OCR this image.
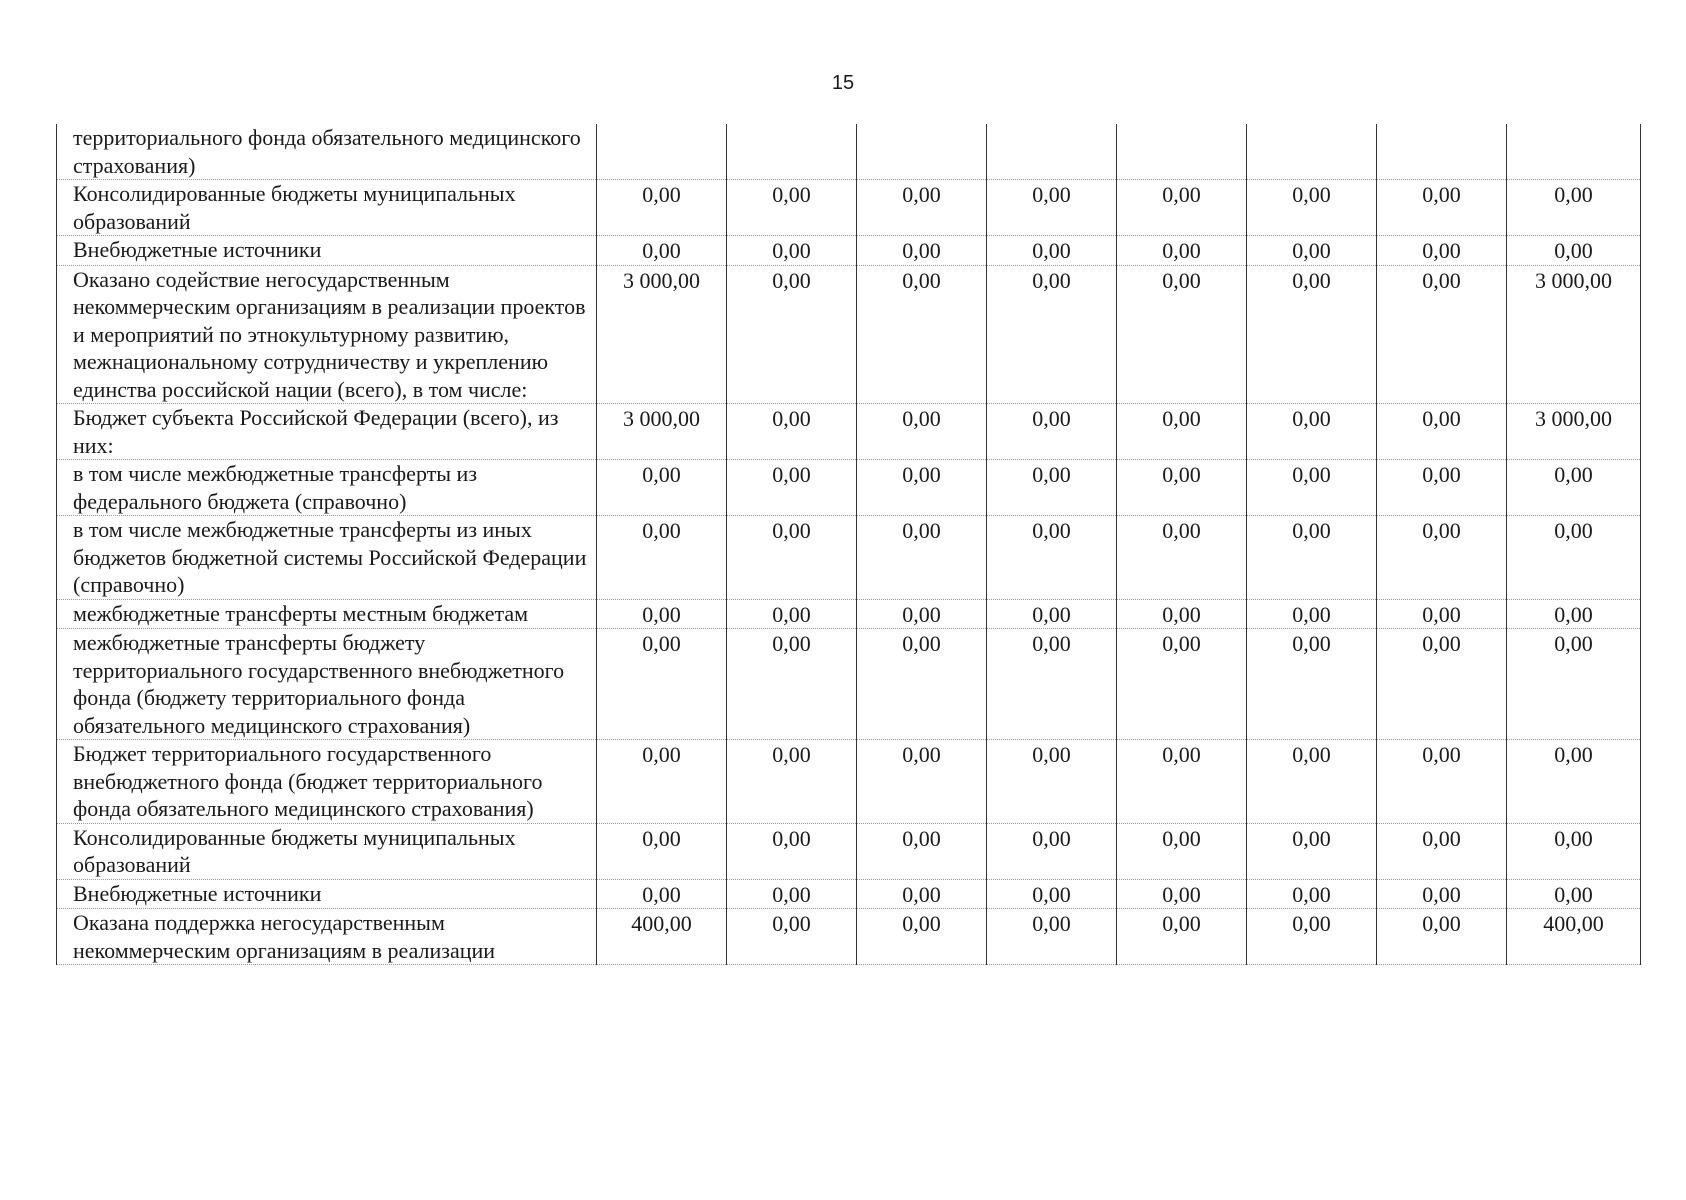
15
территориального фонда обязательного медицинского страхования)								
Консолидированные бюджеты муниципальных образований	0,00	0,00	0,00	0,00	0,00	0,00	0,00	0,00
Внебюджетные источники	0,00	0,00	0,00	0,00	0,00	0,00	0,00	0,00
Оказано содействие негосударственным некоммерческим организациям в реализации проектов и мероприятий по этнокультурному развитию, межнациональному сотрудничеству и укреплению единства российской нации (всего), в том числе:	3 000,00	0,00	0,00	0,00	0,00	0,00	0,00	3 000,00
Бюджет субъекта Российской Федерации (всего), из них:	3 000,00	0,00	0,00	0,00	0,00	0,00	0,00	3 000,00
в том числе межбюджетные трансферты из федерального бюджета (справочно)	0,00	0,00	0,00	0,00	0,00	0,00	0,00	0,00
в том числе межбюджетные трансферты из иных бюджетов бюджетной системы Российской Федерации (справочно)	0,00	0,00	0,00	0,00	0,00	0,00	0,00	0,00
межбюджетные трансферты местным бюджетам	0,00	0,00	0,00	0,00	0,00	0,00	0,00	0,00
межбюджетные трансферты бюджету территориального государственного внебюджетного фонда (бюджету территориального фонда обязательного медицинского страхования)	0,00	0,00	0,00	0,00	0,00	0,00	0,00	0,00
Бюджет территориального государственного внебюджетного фонда (бюджет территориального фонда обязательного медицинского страхования)	0,00	0,00	0,00	0,00	0,00	0,00	0,00	0,00
Консолидированные бюджеты муниципальных образований	0,00	0,00	0,00	0,00	0,00	0,00	0,00	0,00
Внебюджетные источники	0,00	0,00	0,00	0,00	0,00	0,00	0,00	0,00
Оказана поддержка негосударственным некоммерческим организациям в реализации	400,00	0,00	0,00	0,00	0,00	0,00	0,00	400,00
